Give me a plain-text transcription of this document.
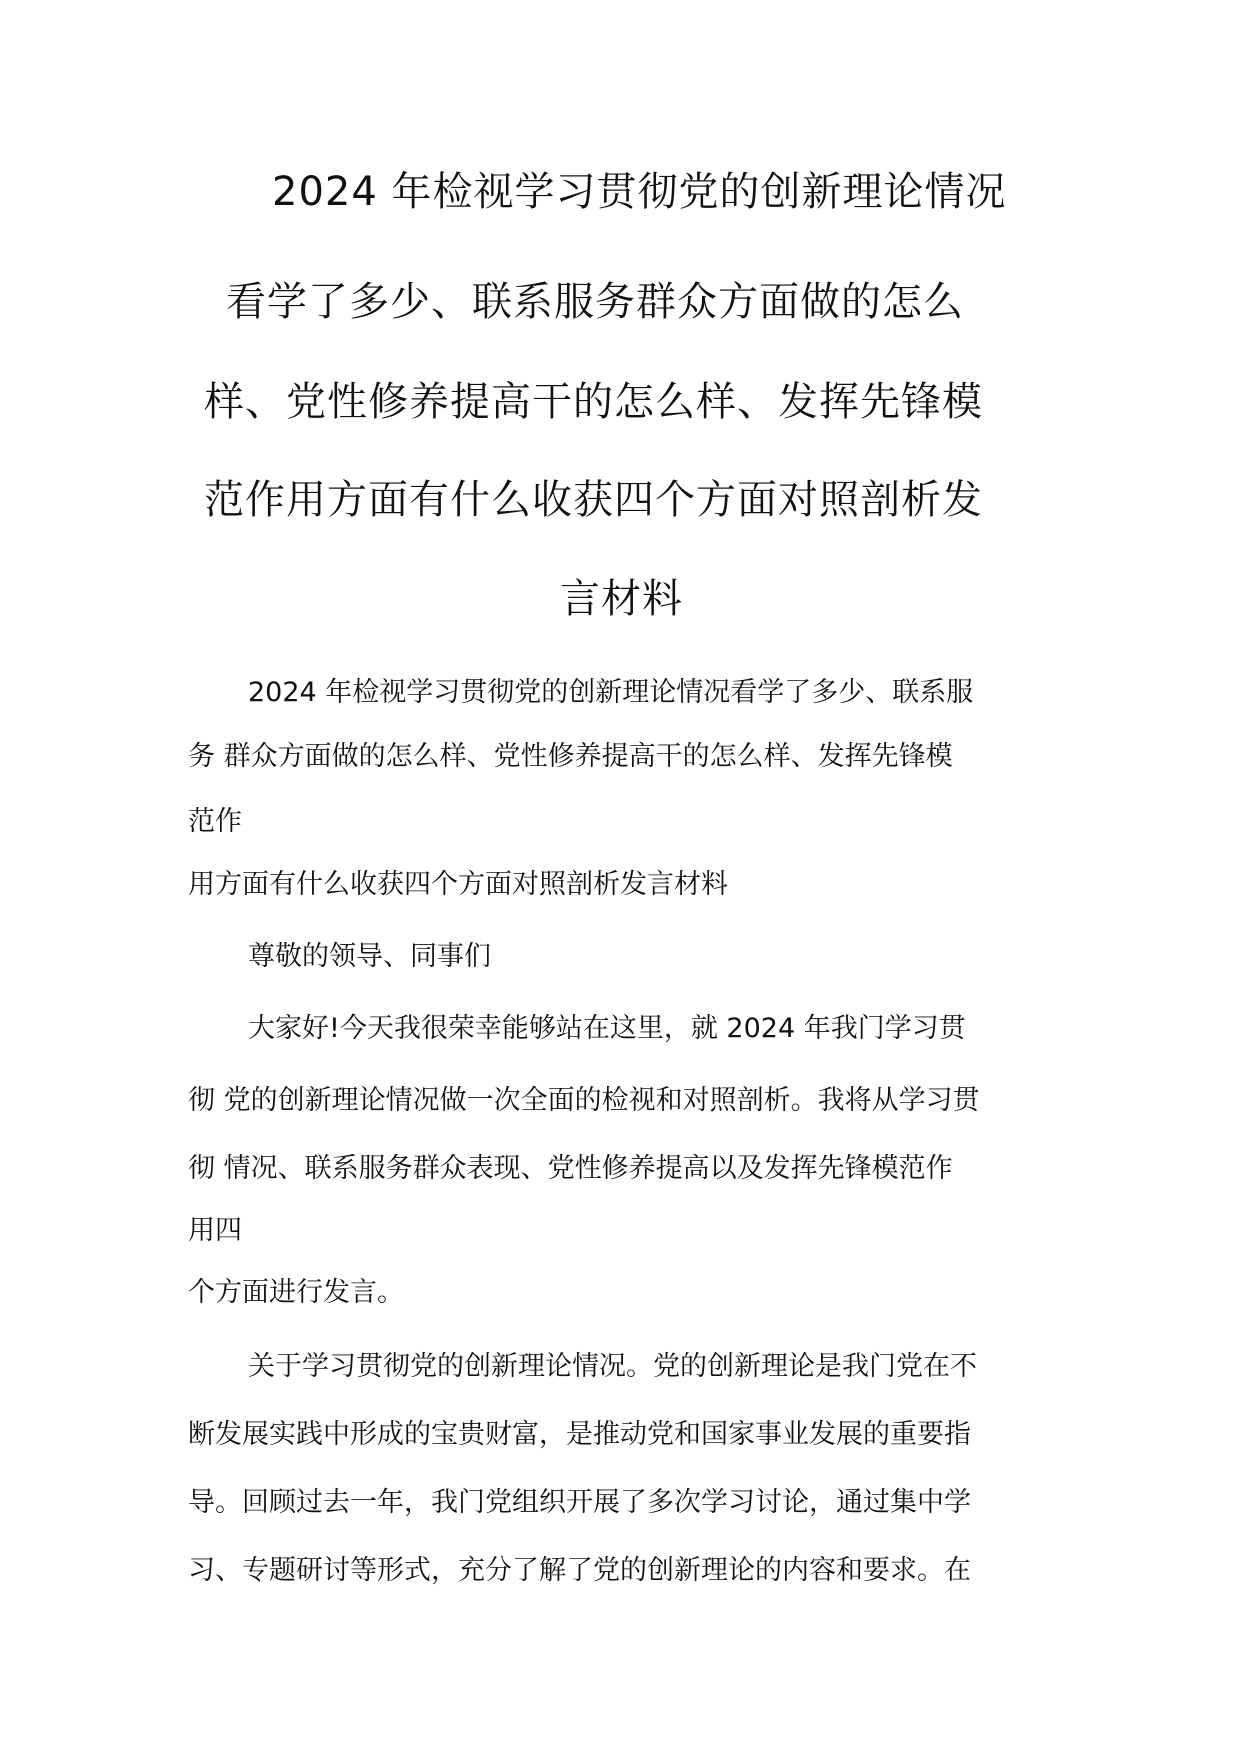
2024 年检视学习贯彻党的创新理论情况
看学了多少、联系服务群众方面做的怎么
样、党性修养提高干的怎么样、发挥先锋模
范作用方面有什么收获四个方面对照剖析发
言材料
2024 年检视学习贯彻党的创新理论情况看学了多少、联系服
务 群众方面做的怎么样、党性修养提高干的怎么样、发挥先锋模
范作
用方面有什么收获四个方面对照剖析发言材料
尊敬的领导、同事们
大家好!今天我很荣幸能够站在这里，就 2024 年我门学习贯
彻 党的创新理论情况做一次全面的检视和对照剖析。我将从学习贯
彻 情况、联系服务群众表现、党性修养提高以及发挥先锋模范作
用四
个方面进行发言。
关于学习贯彻党的创新理论情况。党的创新理论是我门党在不
断发展实践中形成的宝贵财富，是推动党和国家事业发展的重要指
导。回顾过去一年，我门党组织开展了多次学习讨论，通过集中学
习、专题研讨等形式，充分了解了党的创新理论的内容和要求。在
